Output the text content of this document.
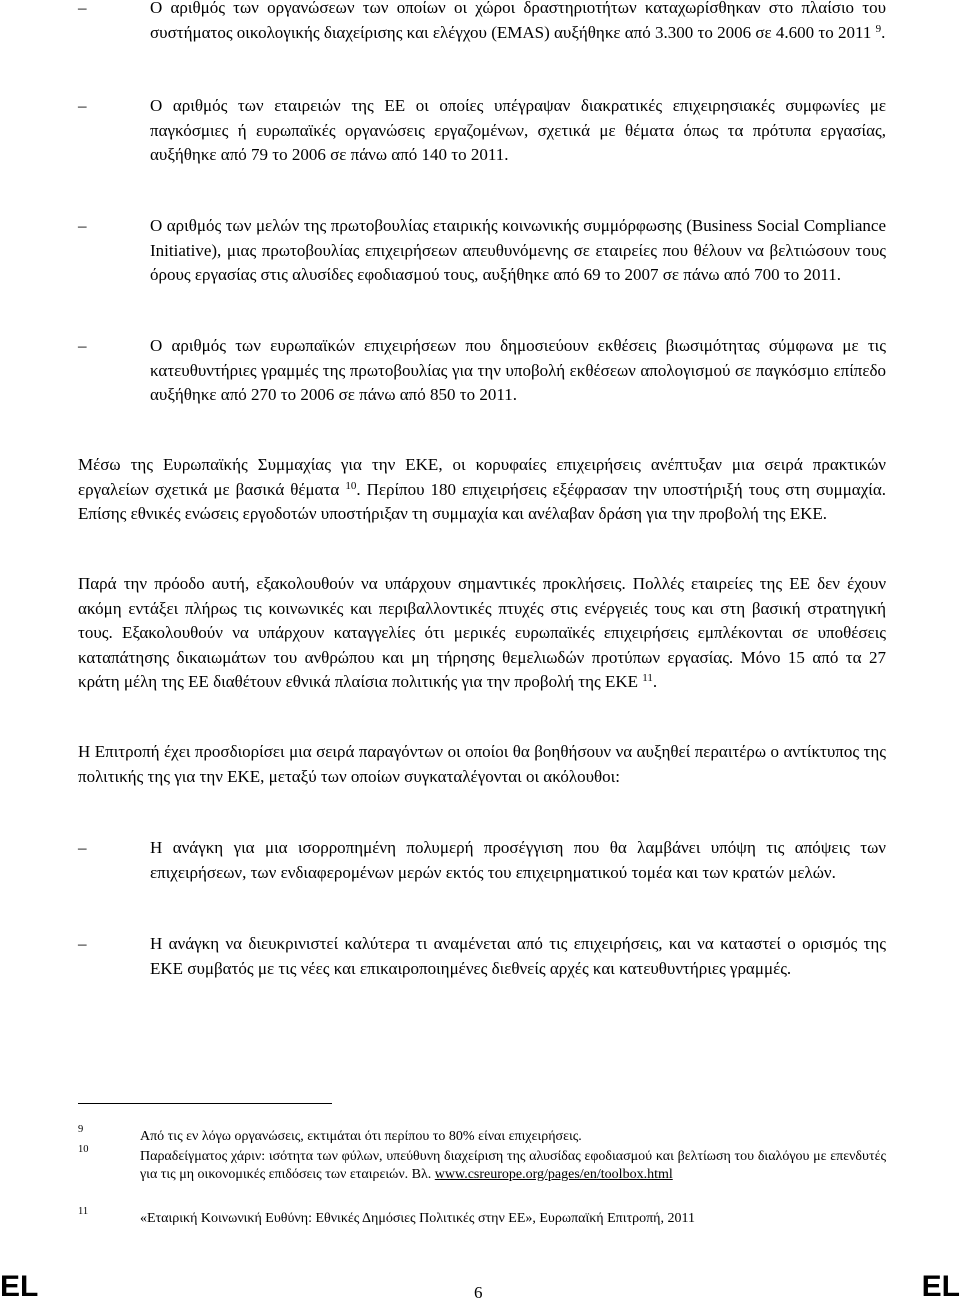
–	Ο αριθμός των οργανώσεων των οποίων οι χώροι δραστηριοτήτων καταχωρίσθηκαν στο πλαίσιο του συστήματος οικολογικής διαχείρισης και ελέγχου (EMAS) αυξήθηκε από 3.300 το 2006 σε 4.600 το 2011 $^9$.
–	Ο αριθμός των εταιρειών της ΕΕ οι οποίες υπέγραψαν διακρατικές επιχειρησιακές συμφωνίες με παγκόσμιες ή ευρωπαϊκές οργανώσεις εργαζομένων, σχετικά με θέματα όπως τα πρότυπα εργασίας, αυξήθηκε από 79 το 2006 σε πάνω από 140 το 2011.
–	Ο αριθμός των μελών της πρωτοβουλίας εταιρικής κοινωνικής συμμόρφωσης (Business Social Compliance Initiative), μιας πρωτοβουλίας επιχειρήσεων απευθυνόμενης σε εταιρείες που θέλουν να βελτιώσουν τους όρους εργασίας στις αλυσίδες εφοδιασμού τους, αυξήθηκε από 69 το 2007 σε πάνω από 700 το 2011.
–	Ο αριθμός των ευρωπαϊκών επιχειρήσεων που δημοσιεύουν εκθέσεις βιωσιμότητας σύμφωνα με τις κατευθυντήριες γραμμές της πρωτοβουλίας για την υποβολή εκθέσεων απολογισμού σε παγκόσμιο επίπεδο αυξήθηκε από 270 το 2006 σε πάνω από 850 το 2011.
Μέσω της Ευρωπαϊκής Συμμαχίας για την ΕΚΕ, οι κορυφαίες επιχειρήσεις ανέπτυξαν μια σειρά πρακτικών εργαλείων σχετικά με βασικά θέματα $^{10}$. Περίπου 180 επιχειρήσεις εξέφρασαν την υποστήριξή τους στη συμμαχία. Επίσης εθνικές ενώσεις εργοδοτών υποστήριξαν τη συμμαχία και ανέλαβαν δράση για την προβολή της ΕΚΕ.
Παρά την πρόοδο αυτή, εξακολουθούν να υπάρχουν σημαντικές προκλήσεις. Πολλές εταιρείες της ΕΕ δεν έχουν ακόμη εντάξει πλήρως τις κοινωνικές και περιβαλλοντικές πτυχές στις ενέργειές τους και στη βασική στρατηγική τους. Εξακολουθούν να υπάρχουν καταγγελίες ότι μερικές ευρωπαϊκές επιχειρήσεις εμπλέκονται σε υποθέσεις καταπάτησης δικαιωμάτων του ανθρώπου και μη τήρησης θεμελιωδών προτύπων εργασίας. Μόνο 15 από τα 27 κράτη μέλη της ΕΕ διαθέτουν εθνικά πλαίσια πολιτικής για την προβολή της ΕΚΕ $^{11}$.
Η Επιτροπή έχει προσδιορίσει μια σειρά παραγόντων οι οποίοι θα βοηθήσουν να αυξηθεί περαιτέρω ο αντίκτυπος της πολιτικής της για την ΕΚΕ, μεταξύ των οποίων συγκαταλέγονται οι ακόλουθοι:
–	Η ανάγκη για μια ισορροπημένη πολυμερή προσέγγιση που θα λαμβάνει υπόψη τις απόψεις των επιχειρήσεων, των ενδιαφερομένων μερών εκτός του επιχειρηματικού τομέα και των κρατών μελών.
–	Η ανάγκη να διευκρινιστεί καλύτερα τι αναμένεται από τις επιχειρήσεις, και να καταστεί ο ορισμός της ΕΚΕ συμβατός με τις νέες και επικαιροποιημένες διεθνείς αρχές και κατευθυντήριες γραμμές.
9	Από τις εν λόγω οργανώσεις, εκτιμάται ότι περίπου το 80% είναι επιχειρήσεις.
10	Παραδείγματος χάριν: ισότητα των φύλων, υπεύθυνη διαχείριση της αλυσίδας εφοδιασμού και βελτίωση του διαλόγου με επενδυτές για τις μη οικονομικές επιδόσεις των εταιρειών. Βλ. www.csreurope.org/pages/en/toolbox.html
11	«Εταιρική Κοινωνική Ευθύνη: Εθνικές Δημόσιες Πολιτικές στην ΕΕ», Ευρωπαϊκή Επιτροπή, 2011
EL	6	EL
